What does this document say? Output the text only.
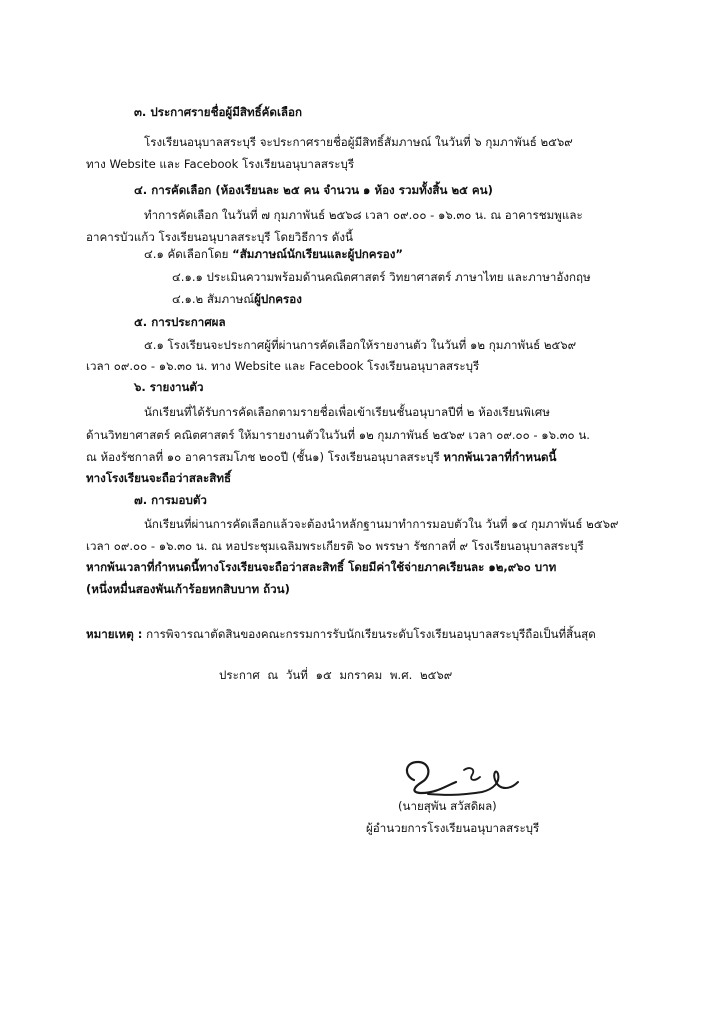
๓. ประกาศรายชื่อผู้มีสิทธิ์คัดเลือก
โรงเรียนอนุบาลสระบุรี จะประกาศรายชื่อผู้มีสิทธิ์สัมภาษณ์ ในวันที่ ๖ กุมภาพันธ์ ๒๕๖๙
ทาง Website และ Facebook โรงเรียนอนุบาลสระบุรี
๔. การคัดเลือก (ห้องเรียนละ ๒๕ คน จำนวน ๑ ห้อง รวมทั้งสิ้น ๒๕ คน)
ทำการคัดเลือก ในวันที่ ๗ กุมภาพันธ์ ๒๕๖๘ เวลา ๐๙.๐๐ - ๑๖.๓๐ น. ณ อาคารชมพูและ
อาคารบัวแก้ว โรงเรียนอนุบาลสระบุรี โดยวิธีการ ดังนี้
๔.๑ คัดเลือกโดย “สัมภาษณ์นักเรียนและผู้ปกครอง”
๔.๑.๑ ประเมินความพร้อมด้านคณิตศาสตร์ วิทยาศาสตร์ ภาษาไทย และภาษาอังกฤษ
๔.๑.๒ สัมภาษณ์ผู้ปกครอง
๕. การประกาศผล
๕.๑ โรงเรียนจะประกาศผู้ที่ผ่านการคัดเลือกให้รายงานตัว ในวันที่ ๑๒ กุมภาพันธ์ ๒๕๖๙
เวลา ๐๙.๐๐ - ๑๖.๓๐ น. ทาง Website และ Facebook โรงเรียนอนุบาลสระบุรี
๖. รายงานตัว
นักเรียนที่ได้รับการคัดเลือกตามรายชื่อเพื่อเข้าเรียนชั้นอนุบาลปีที่ ๒ ห้องเรียนพิเศษ
ด้านวิทยาศาสตร์ คณิตศาสตร์ ให้มารายงานตัวในวันที่ ๑๒ กุมภาพันธ์ ๒๕๖๙ เวลา ๐๙.๐๐ - ๑๖.๓๐ น.
ณ ห้องรัชกาลที่ ๑๐ อาคารสมโภช ๒๐๐ปี (ชั้น๑) โรงเรียนอนุบาลสระบุรี หากพ้นเวลาที่กำหนดนี้
ทางโรงเรียนจะถือว่าสละสิทธิ์
๗. การมอบตัว
นักเรียนที่ผ่านการคัดเลือกแล้วจะต้องนำหลักฐานมาทำการมอบตัวใน วันที่ ๑๔ กุมภาพันธ์ ๒๕๖๙
เวลา ๐๙.๐๐ - ๑๖.๓๐ น. ณ หอประชุมเฉลิมพระเกียรติ ๖๐ พรรษา รัชกาลที่ ๙ โรงเรียนอนุบาลสระบุรี
หากพ้นเวลาที่กำหนดนี้ทางโรงเรียนจะถือว่าสละสิทธิ์ โดยมีค่าใช้จ่ายภาคเรียนละ ๑๒,๙๖๐ บาท
(หนึ่งหมื่นสองพันเก้าร้อยหกสิบบาท ถ้วน)
หมายเหตุ : การพิจารณาตัดสินของคณะกรรมการรับนักเรียนระดับโรงเรียนอนุบาลสระบุรีถือเป็นที่สิ้นสุด
ประกาศ ณ วันที่ ๑๕ มกราคม พ.ศ. ๒๕๖๙
(นายสุพัน สวัสดิผล)
ผู้อำนวยการโรงเรียนอนุบาลสระบุรี
